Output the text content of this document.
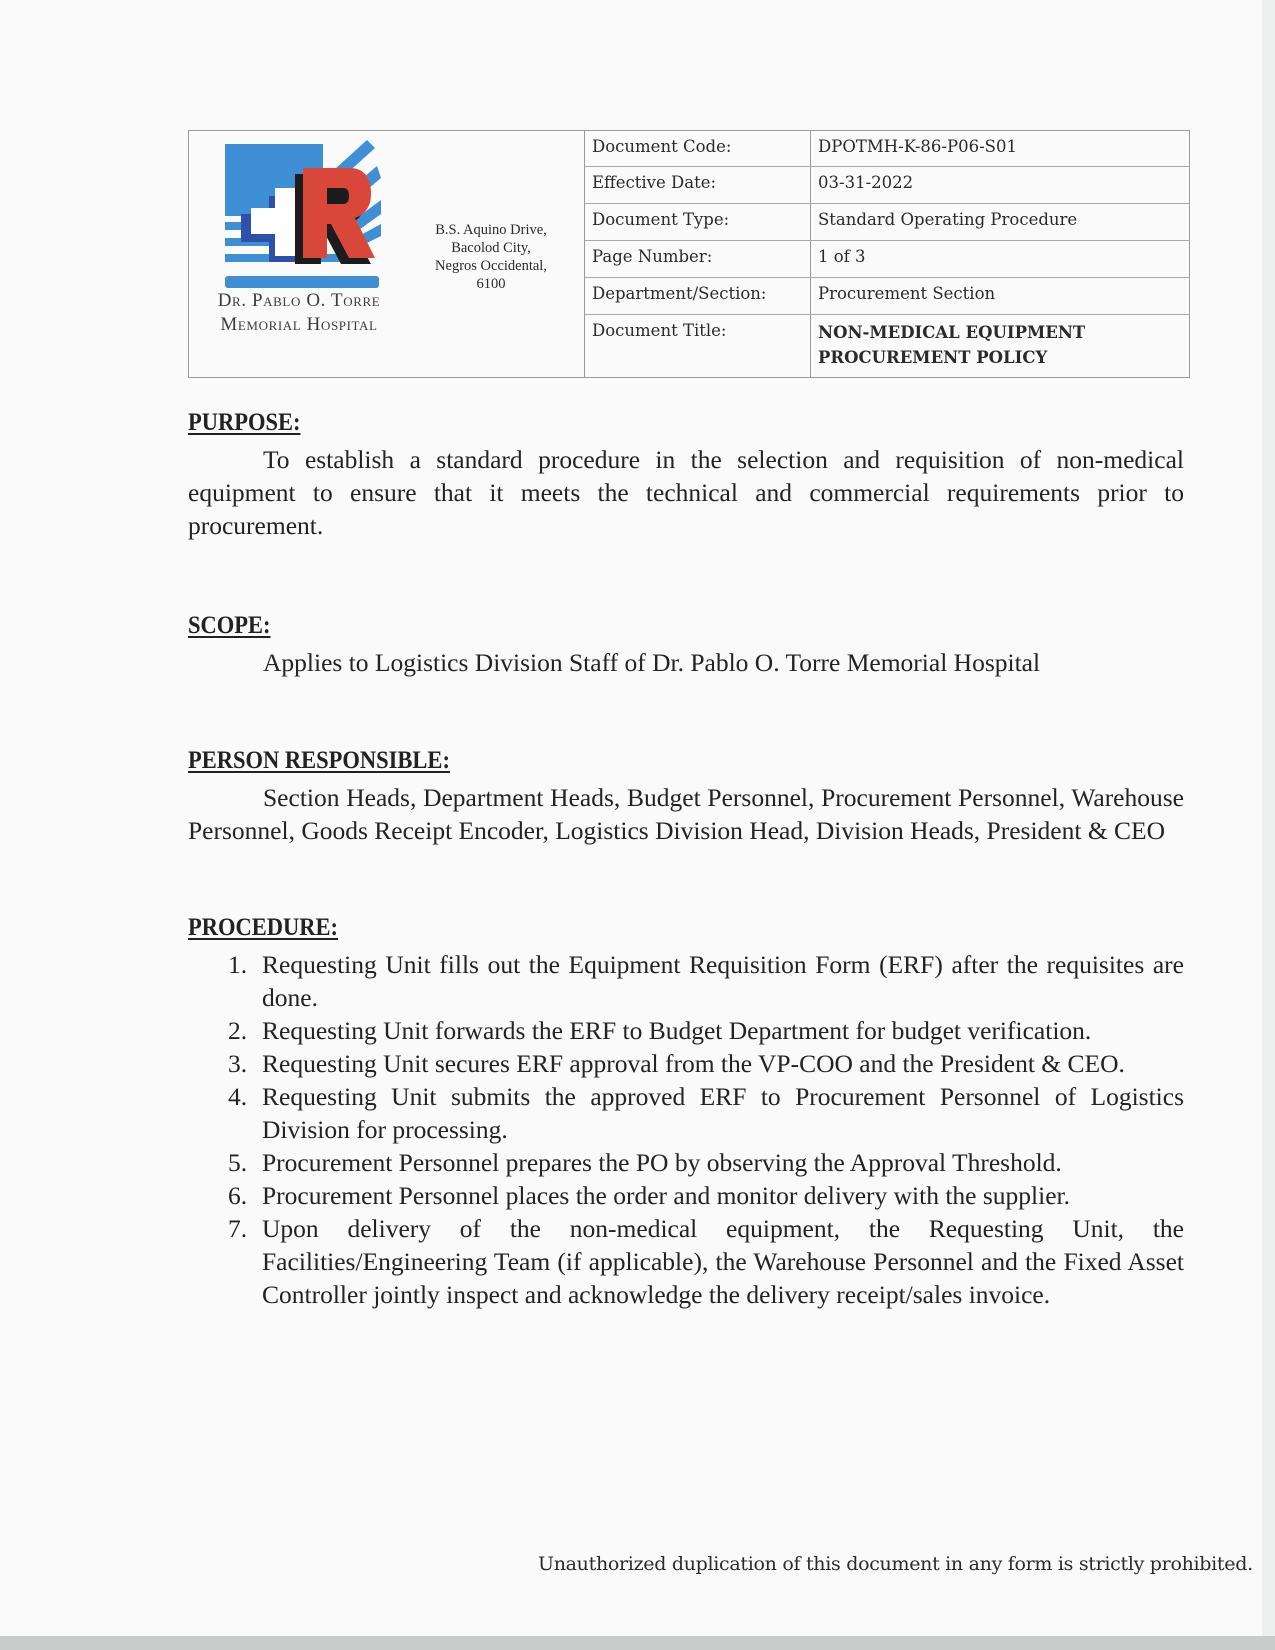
Dr. Pablo O. Torre
Memorial Hospital
B.S. Aquino Drive,
Bacolod City,
Negros Occidental,
6100
Document Code:	DPOTMH-K-86-P06-S01
Effective Date:	03-31-2022
Document Type:	Standard Operating Procedure
Page Number:	1 of 3
Department/Section:	Procurement Section
Document Title:	NON-MEDICAL EQUIPMENT
PROCUREMENT POLICY
PURPOSE:
To establish a standard procedure in the selection and requisition of non-medical equipment to ensure that it meets the technical and commercial requirements prior to procurement.
SCOPE:
Applies to Logistics Division Staff of Dr. Pablo O. Torre Memorial Hospital
PERSON RESPONSIBLE:
Section Heads, Department Heads, Budget Personnel, Procurement Personnel, Warehouse Personnel, Goods Receipt Encoder, Logistics Division Head, Division Heads, President & CEO
PROCEDURE:
1. Requesting Unit fills out the Equipment Requisition Form (ERF) after the requisites are done.
2. Requesting Unit forwards the ERF to Budget Department for budget verification.
3. Requesting Unit secures ERF approval from the VP-COO and the President & CEO.
4. Requesting Unit submits the approved ERF to Procurement Personnel of Logistics Division for processing.
5. Procurement Personnel prepares the PO by observing the Approval Threshold.
6. Procurement Personnel places the order and monitor delivery with the supplier.
7. Upon delivery of the non-medical equipment, the Requesting Unit, the Facilities/Engineering Team (if applicable), the Warehouse Personnel and the Fixed Asset Controller jointly inspect and acknowledge the delivery receipt/sales invoice.
Unauthorized duplication of this document in any form is strictly prohibited.
